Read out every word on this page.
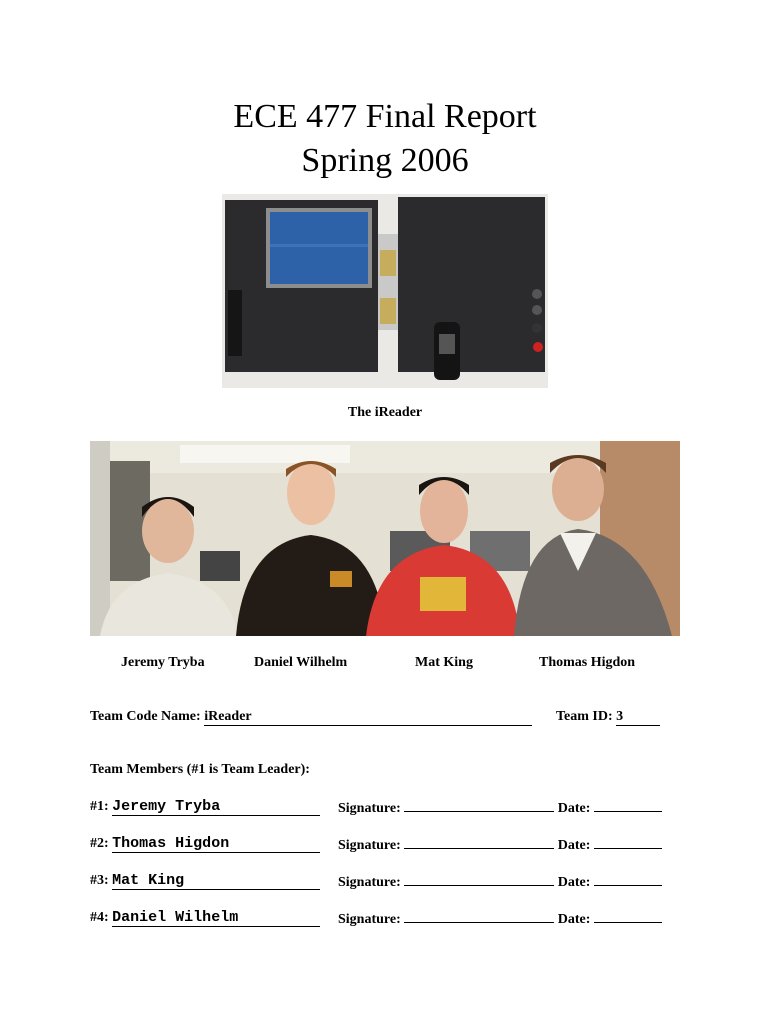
ECE 477 Final Report
Spring 2006
The iReader
Jeremy Tryba	Daniel Wilhelm	Mat King	Thomas Higdon
Team Code Name: iReader	Team ID: 3
Team Members (#1 is Team Leader):
#1: Jeremy Tryba	Signature:	Date:
#2: Thomas Higdon	Signature:	Date:
#3: Mat King	Signature:	Date:
#4: Daniel Wilhelm	Signature:	Date:
